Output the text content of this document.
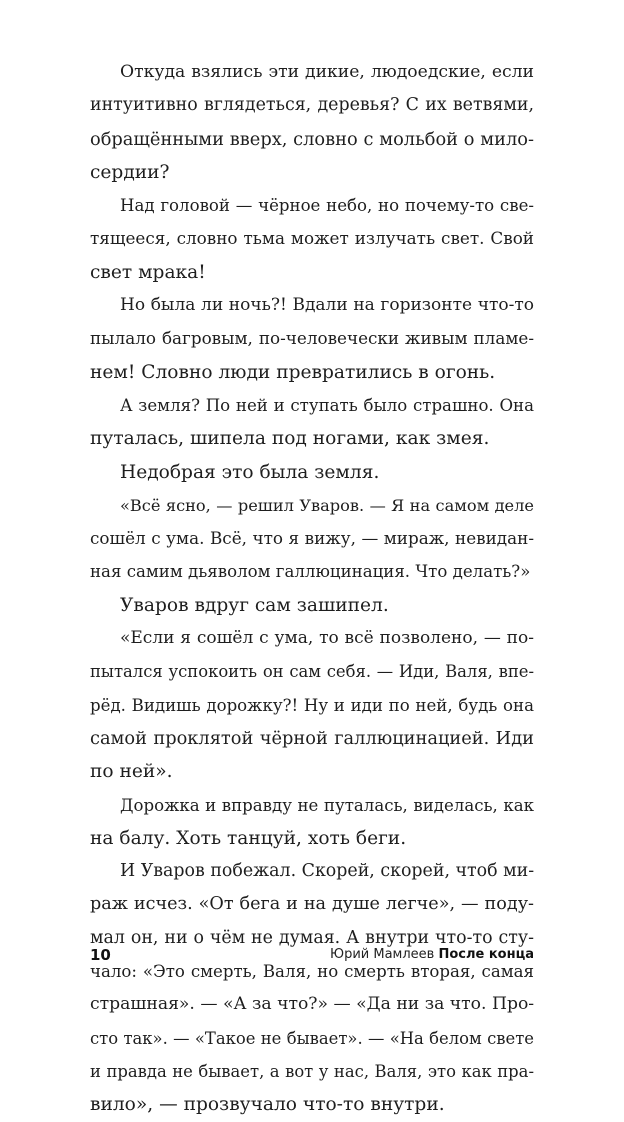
Откуда взялись эти дикие, людоедские, если
интуитивно вглядеться, деревья? С их ветвями,
обращёнными вверх, словно с мольбой о мило-
сердии?
Над головой — чёрное небо, но почему-то све-
тящееся, словно тьма может излучать свет. Свой
свет мрака!
Но была ли ночь?! Вдали на горизонте что-то
пылало багровым, по-человечески живым пламе-
нем! Словно люди превратились в огонь.
А земля? По ней и ступать было страшно. Она
путалась, шипела под ногами, как змея.
Недобрая это была земля.
«Всё ясно, — решил Уваров. — Я на самом деле
сошёл с ума. Всё, что я вижу, — мираж, невидан-
ная самим дьяволом галлюцинация. Что делать?»
Уваров вдруг сам зашипел.
«Если я сошёл с ума, то всё позволено, — по-
пытался успокоить он сам себя. — Иди, Валя, впе-
рёд. Видишь дорожку?! Ну и иди по ней, будь она
самой проклятой чёрной галлюцинацией. Иди
по ней».
Дорожка и вправду не путалась, виделась, как
на балу. Хоть танцуй, хоть беги.
И Уваров побежал. Скорей, скорей, чтоб ми-
раж исчез. «От бега и на душе легче», — поду-
мал он, ни о чём не думая. А внутри что-то сту-
чало: «Это смерть, Валя, но смерть вторая, самая
страшная». — «А за что?» — «Да ни за что. Про-
сто так». — «Такое не бывает». — «На белом свете
и правда не бывает, а вот у нас, Валя, это как пра-
вило», — прозвучало что-то внутри.
10	Юрий Мамлеев После конца
